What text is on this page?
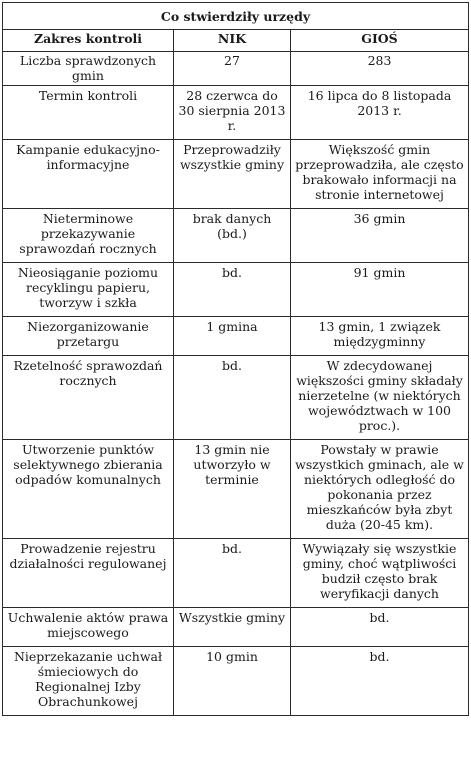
Co stwierdziły urzędy		
Zakres kontroli	NIK	GIOŚ
Liczba sprawdzonych gmin	27	283
Termin kontroli	28 czerwca do 30 sierpnia 2013 r.	16 lipca do 8 listopada 2013 r.
Kampanie edukacyjno-informacyjne	Przeprowadziły wszystkie gminy	Większość gmin przeprowadziła, ale często brakowało informacji na stronie internetowej
Nieterminowe przekazywanie sprawozdań rocznych	brak danych (bd.)	36 gmin
Nieosiąganie poziomu recyklingu papieru, tworzyw i szkła	bd.	91 gmin
Niezorganizowanie przetargu	1 gmina	13 gmin, 1 związek międzygminny
Rzetelność sprawozdań rocznych	bd.	W zdecydowanej większości gminy składały nierzetelne (w niektórych województwach w 100 proc.).
Utworzenie punktów selektywnego zbierania odpadów komunalnych	13 gmin nie utworzyło w terminie	Powstały w prawie wszystkich gminach, ale w niektórych odległość do pokonania przez mieszkańców była zbyt duża (20-45 km).
Prowadzenie rejestru działalności regulowanej	bd.	Wywiązały się wszystkie gminy, choć wątpliwości budził często brak weryfikacji danych
Uchwalenie aktów prawa miejscowego	Wszystkie gminy	bd.
Nieprzekazanie uchwał śmieciowych do Regionalnej Izby Obrachunkowej	10 gmin	bd.
